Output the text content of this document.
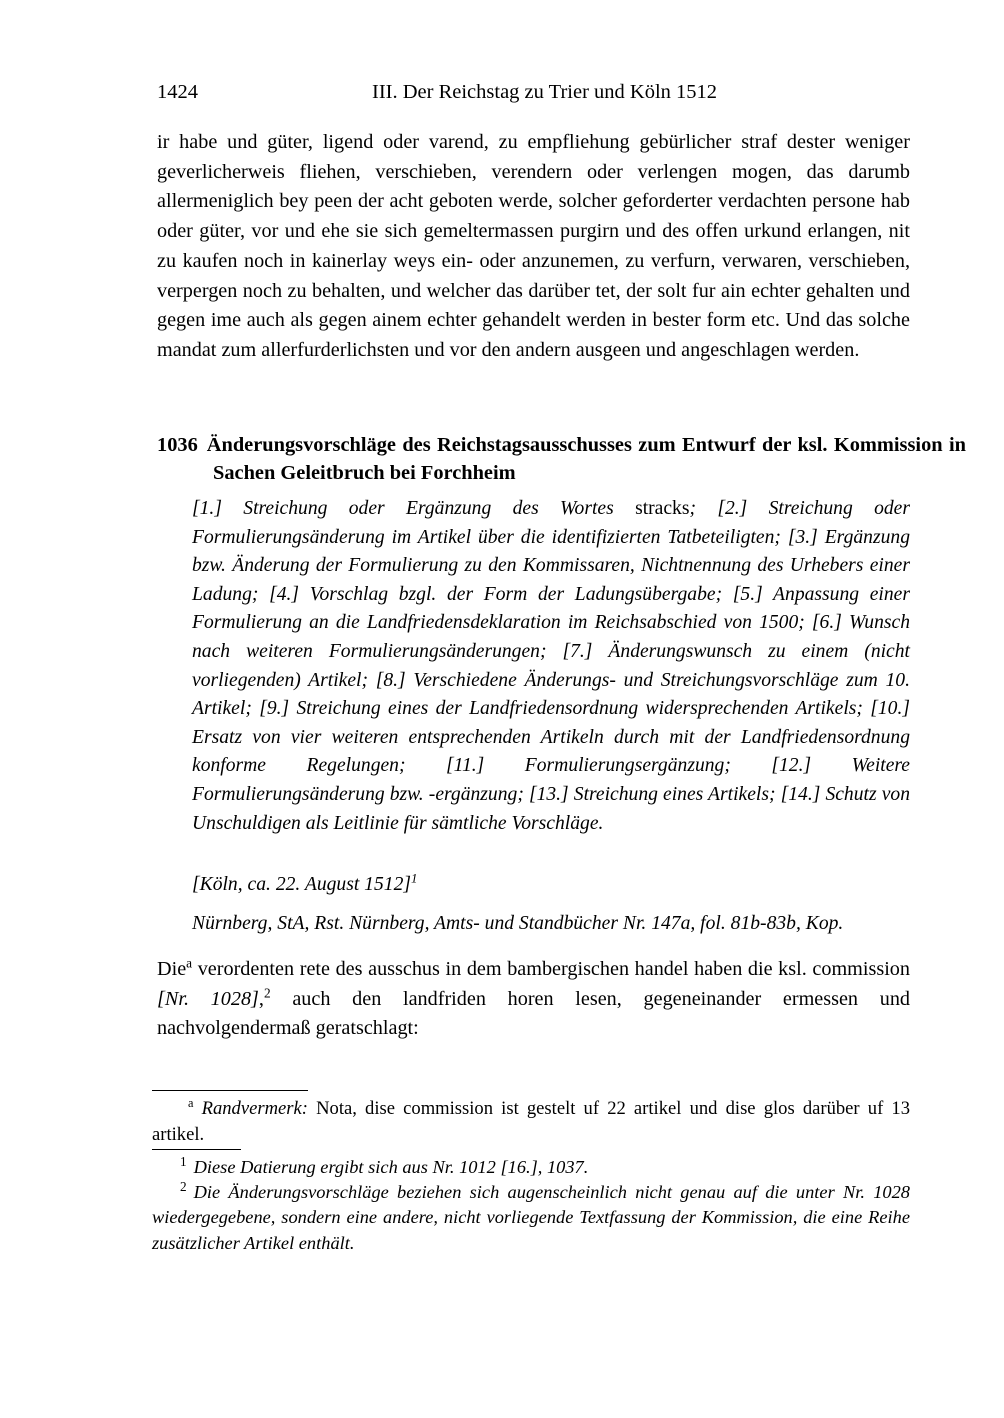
1424	III. Der Reichstag zu Trier und Köln 1512
ir habe und güter, ligend oder varend, zu empfliehung gebürlicher straf dester weniger geverlicherweis fliehen, verschieben, verendern oder verlengen mogen, das darumb allermeniglich bey peen der acht geboten werde, solcher geforderter verdachten persone hab oder güter, vor und ehe sie sich gemeltermassen purgirn und des offen urkund erlangen, nit zu kaufen noch in kainerlay weys ein- oder anzunemen, zu verfurn, verwaren, verschieben, verpergen noch zu behalten, und welcher das darüber tet, der solt fur ain echter gehalten und gegen ime auch als gegen ainem echter gehandelt werden in bester form etc. Und das solche mandat zum allerfurderlichsten und vor den andern ausgeen und angeschlagen werden.
1036 Änderungsvorschläge des Reichstagsausschusses zum Entwurf der ksl. Kommission in Sachen Geleitbruch bei Forchheim
[1.] Streichung oder Ergänzung des Wortes stracks; [2.] Streichung oder Formulierungsänderung im Artikel über die identifizierten Tatbeteiligten; [3.] Ergänzung bzw. Änderung der Formulierung zu den Kommissaren, Nichtnennung des Urhebers einer Ladung; [4.] Vorschlag bzgl. der Form der Ladungsübergabe; [5.] Anpassung einer Formulierung an die Landfriedensdeklaration im Reichsabschied von 1500; [6.] Wunsch nach weiteren Formulierungsänderungen; [7.] Änderungswunsch zu einem (nicht vorliegenden) Artikel; [8.] Verschiedene Änderungs- und Streichungsvorschläge zum 10. Artikel; [9.] Streichung eines der Landfriedensordnung widersprechenden Artikels; [10.] Ersatz von vier weiteren entsprechenden Artikeln durch mit der Landfriedensordnung konforme Regelungen; [11.] Formulierungsergänzung; [12.] Weitere Formulierungsänderung bzw. -ergänzung; [13.] Streichung eines Artikels; [14.] Schutz von Unschuldigen als Leitlinie für sämtliche Vorschläge.
[Köln, ca. 22. August 1512]$^1$
Nürnberg, StA, Rst. Nürnberg, Amts- und Standbücher Nr. 147a, fol. 81b-83b, Kop.
Die$^a$ verordenten rete des ausschus in dem bambergischen handel haben die ksl. commission [Nr. 1028],$^2$ auch den landfriden horen lesen, gegeneinander ermessen und nachvolgendermaß geratschlagt:
$^a$ Randvermerk: Nota, dise commission ist gestelt uf 22 artikel und dise glos darüber uf 13 artikel.

$^1$ Diese Datierung ergibt sich aus Nr. 1012 [16.], 1037.

$^2$ Die Änderungsvorschläge beziehen sich augenscheinlich nicht genau auf die unter Nr. 1028 wiedergegebene, sondern eine andere, nicht vorliegende Textfassung der Kommission, die eine Reihe zusätzlicher Artikel enthält.
